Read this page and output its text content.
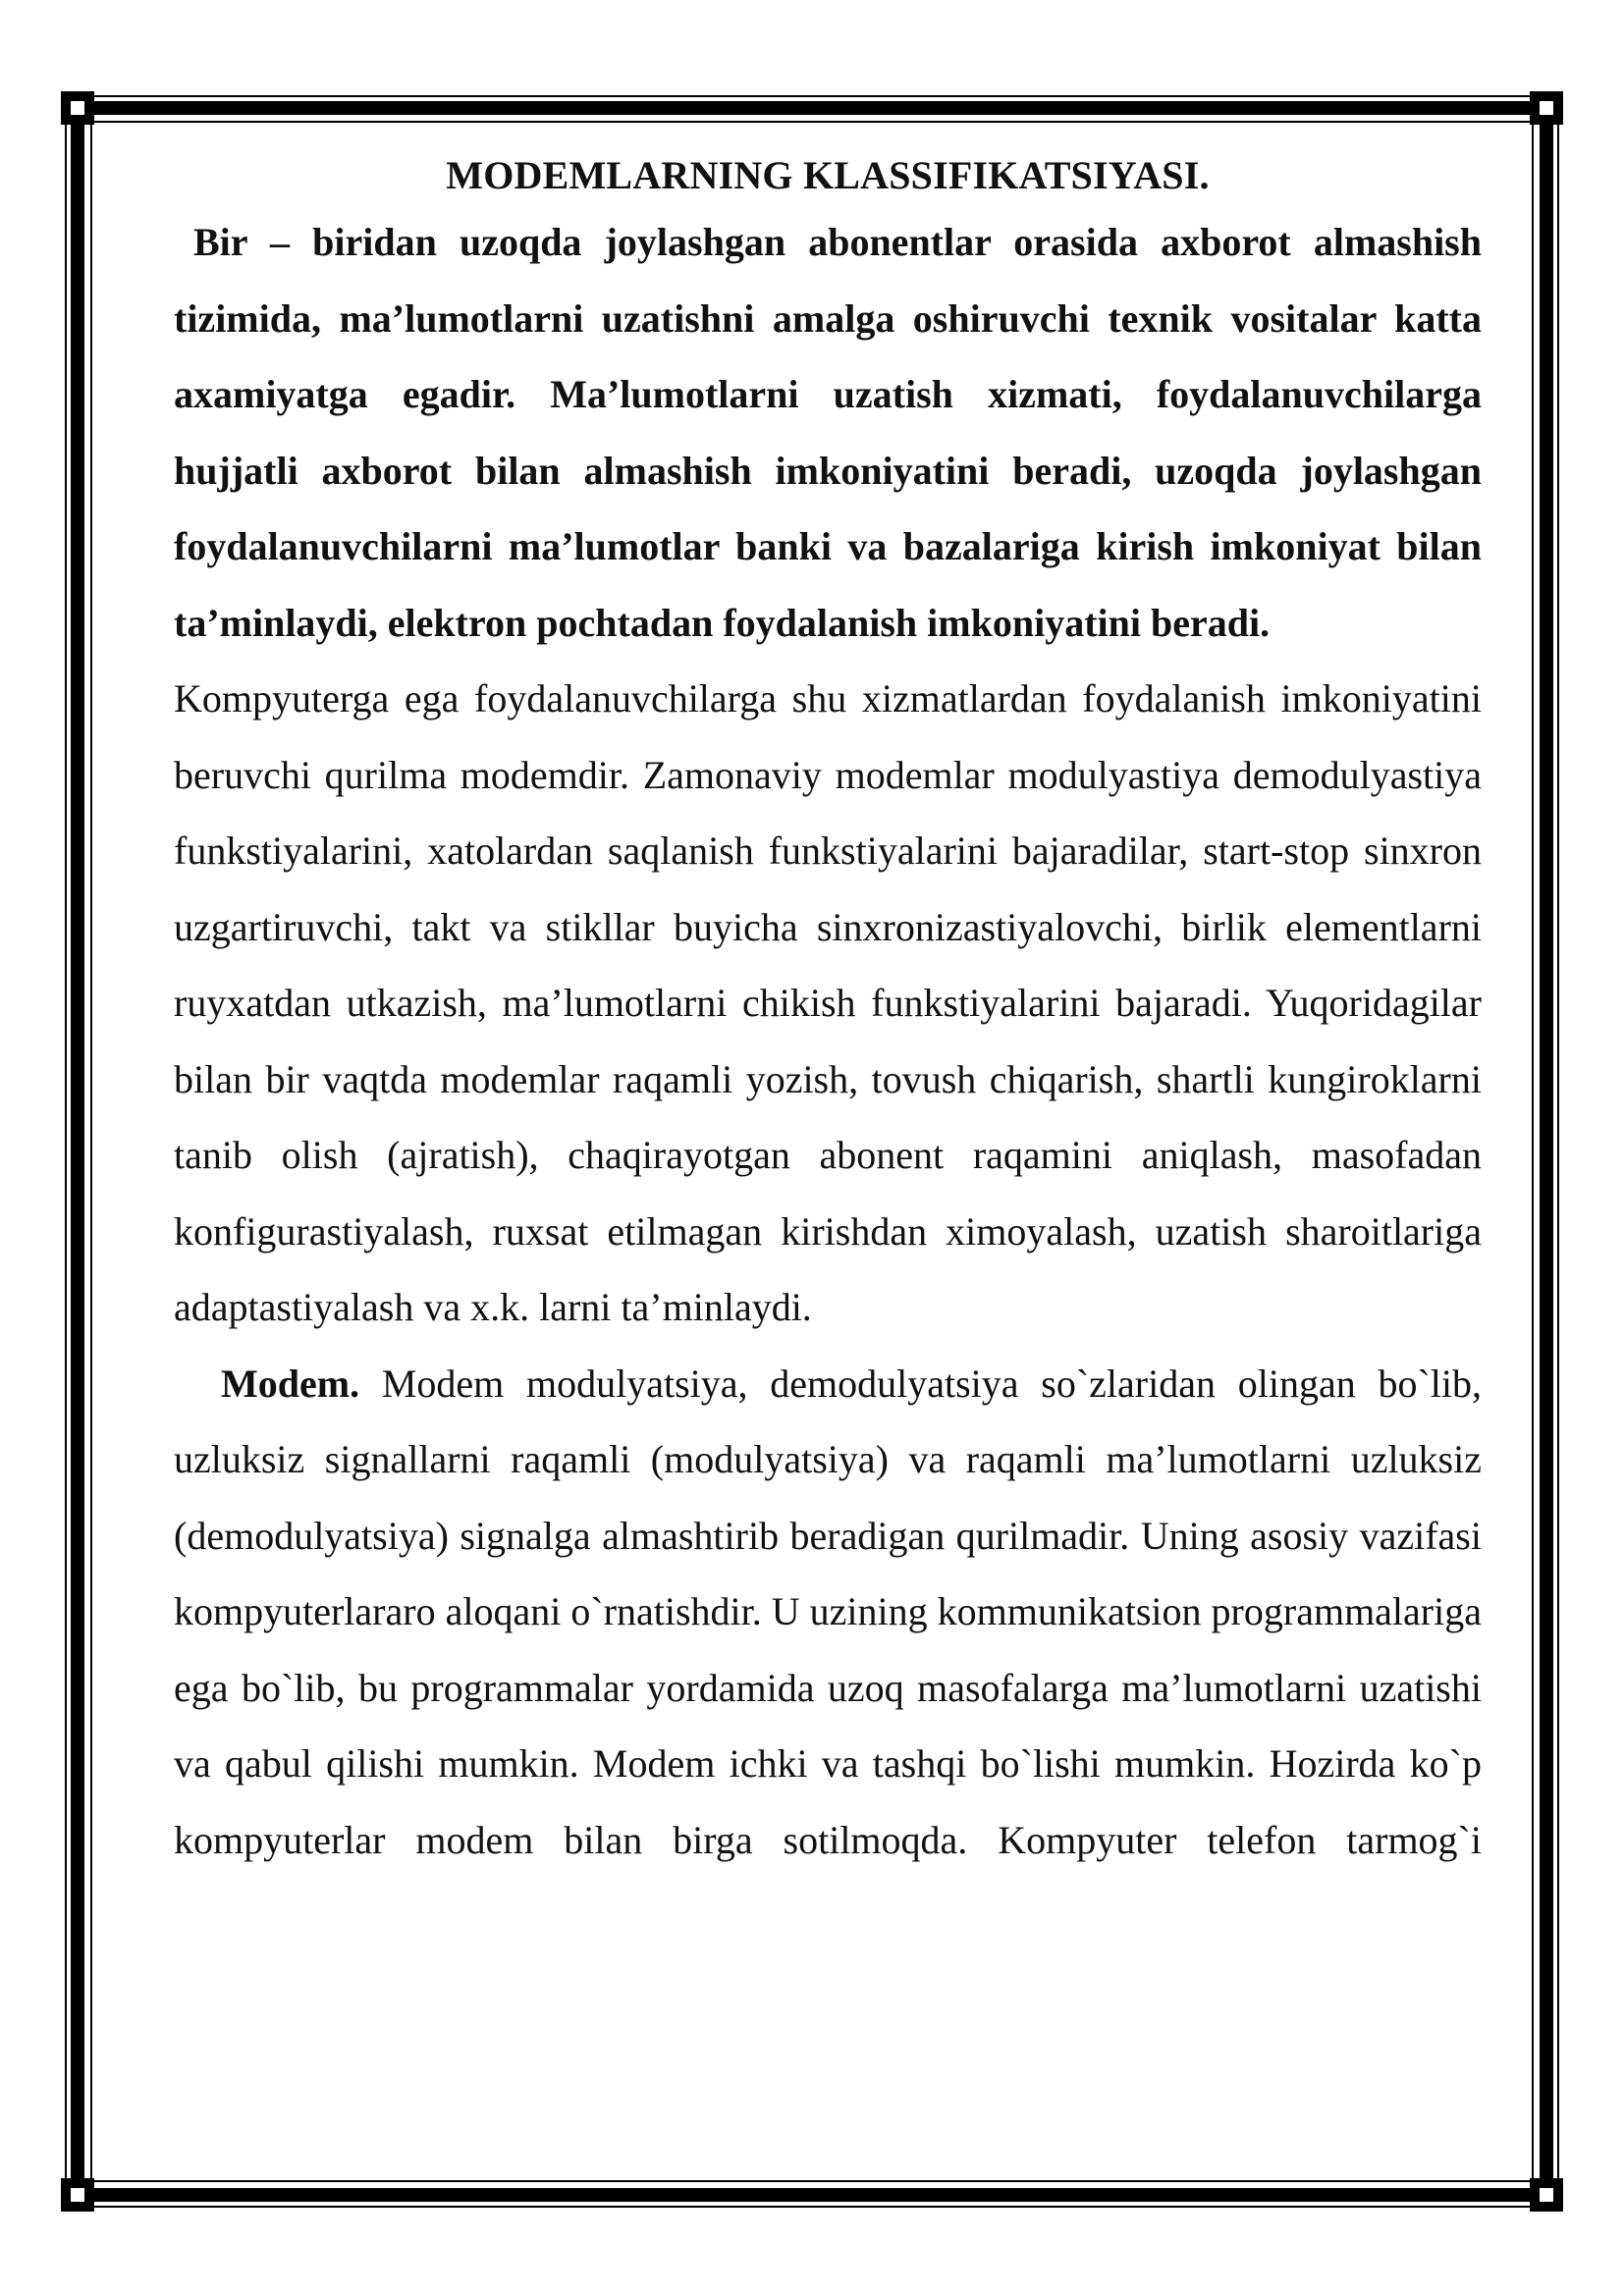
MODEMLARNING KLASSIFIKATSIYASI.

Bir – biridan uzoqda joylashgan abonentlar orasida axborot almashish tizimida, ma’lumotlarni uzatishni amalga oshiruvchi texnik vositalar katta axamiyatga egadir. Ma’lumotlarni uzatish xizmati, foydalanuvchilarga hujjatli axborot bilan almashish imkoniyatini beradi, uzoqda joylashgan foydalanuvchilarni ma’lumotlar banki va bazalariga kirish imkoniyat bilan ta’minlaydi, elektron pochtadan foydalanish imkoniyatini beradi.

Kompyuterga ega foydalanuvchilarga shu xizmatlardan foydalanish imkoniyatini beruvchi qurilma modemdir. Zamonaviy modemlar modulyastiya demodulyastiya funkstiyalarini, xatolardan saqlanish funkstiyalarini bajaradilar, start-stop sinxron uzgartiruvchi, takt va stikllar buyicha sinxronizastiyalovchi, birlik elementlarni ruyxatdan utkazish, ma’lumotlarni chikish funkstiyalarini bajaradi. Yuqoridagilar bilan bir vaqtda modemlar raqamli yozish, tovush chiqarish, shartli kungiroklarni tanib olish (ajratish), chaqirayotgan abonent raqamini aniqlash, masofadan konfigurastiyalash, ruxsat etilmagan kirishdan ximoyalash, uzatish sharoitlariga adaptastiyalash va x.k. larni ta’minlaydi.

Modem. Modem modulyatsiya, demodulyatsiya so`zlaridan olingan bo`lib, uzluksiz signallarni raqamli (modulyatsiya) va raqamli ma’lumotlarni uzluksiz (demodulyatsiya) signalga almashtirib beradigan qurilmadir. Uning asosiy vazifasi kompyuterlararo aloqani o`rnatishdir. U uzining kommunikatsion programmalariga ega bo`lib, bu programmalar yordamida uzoq masofalarga ma’lumotlarni uzatishi va qabul qilishi mumkin. Modem ichki va tashqi bo`lishi mumkin. Hozirda ko`p kompyuterlar modem bilan birga sotilmoqda. Kompyuter telefon tarmog`i
